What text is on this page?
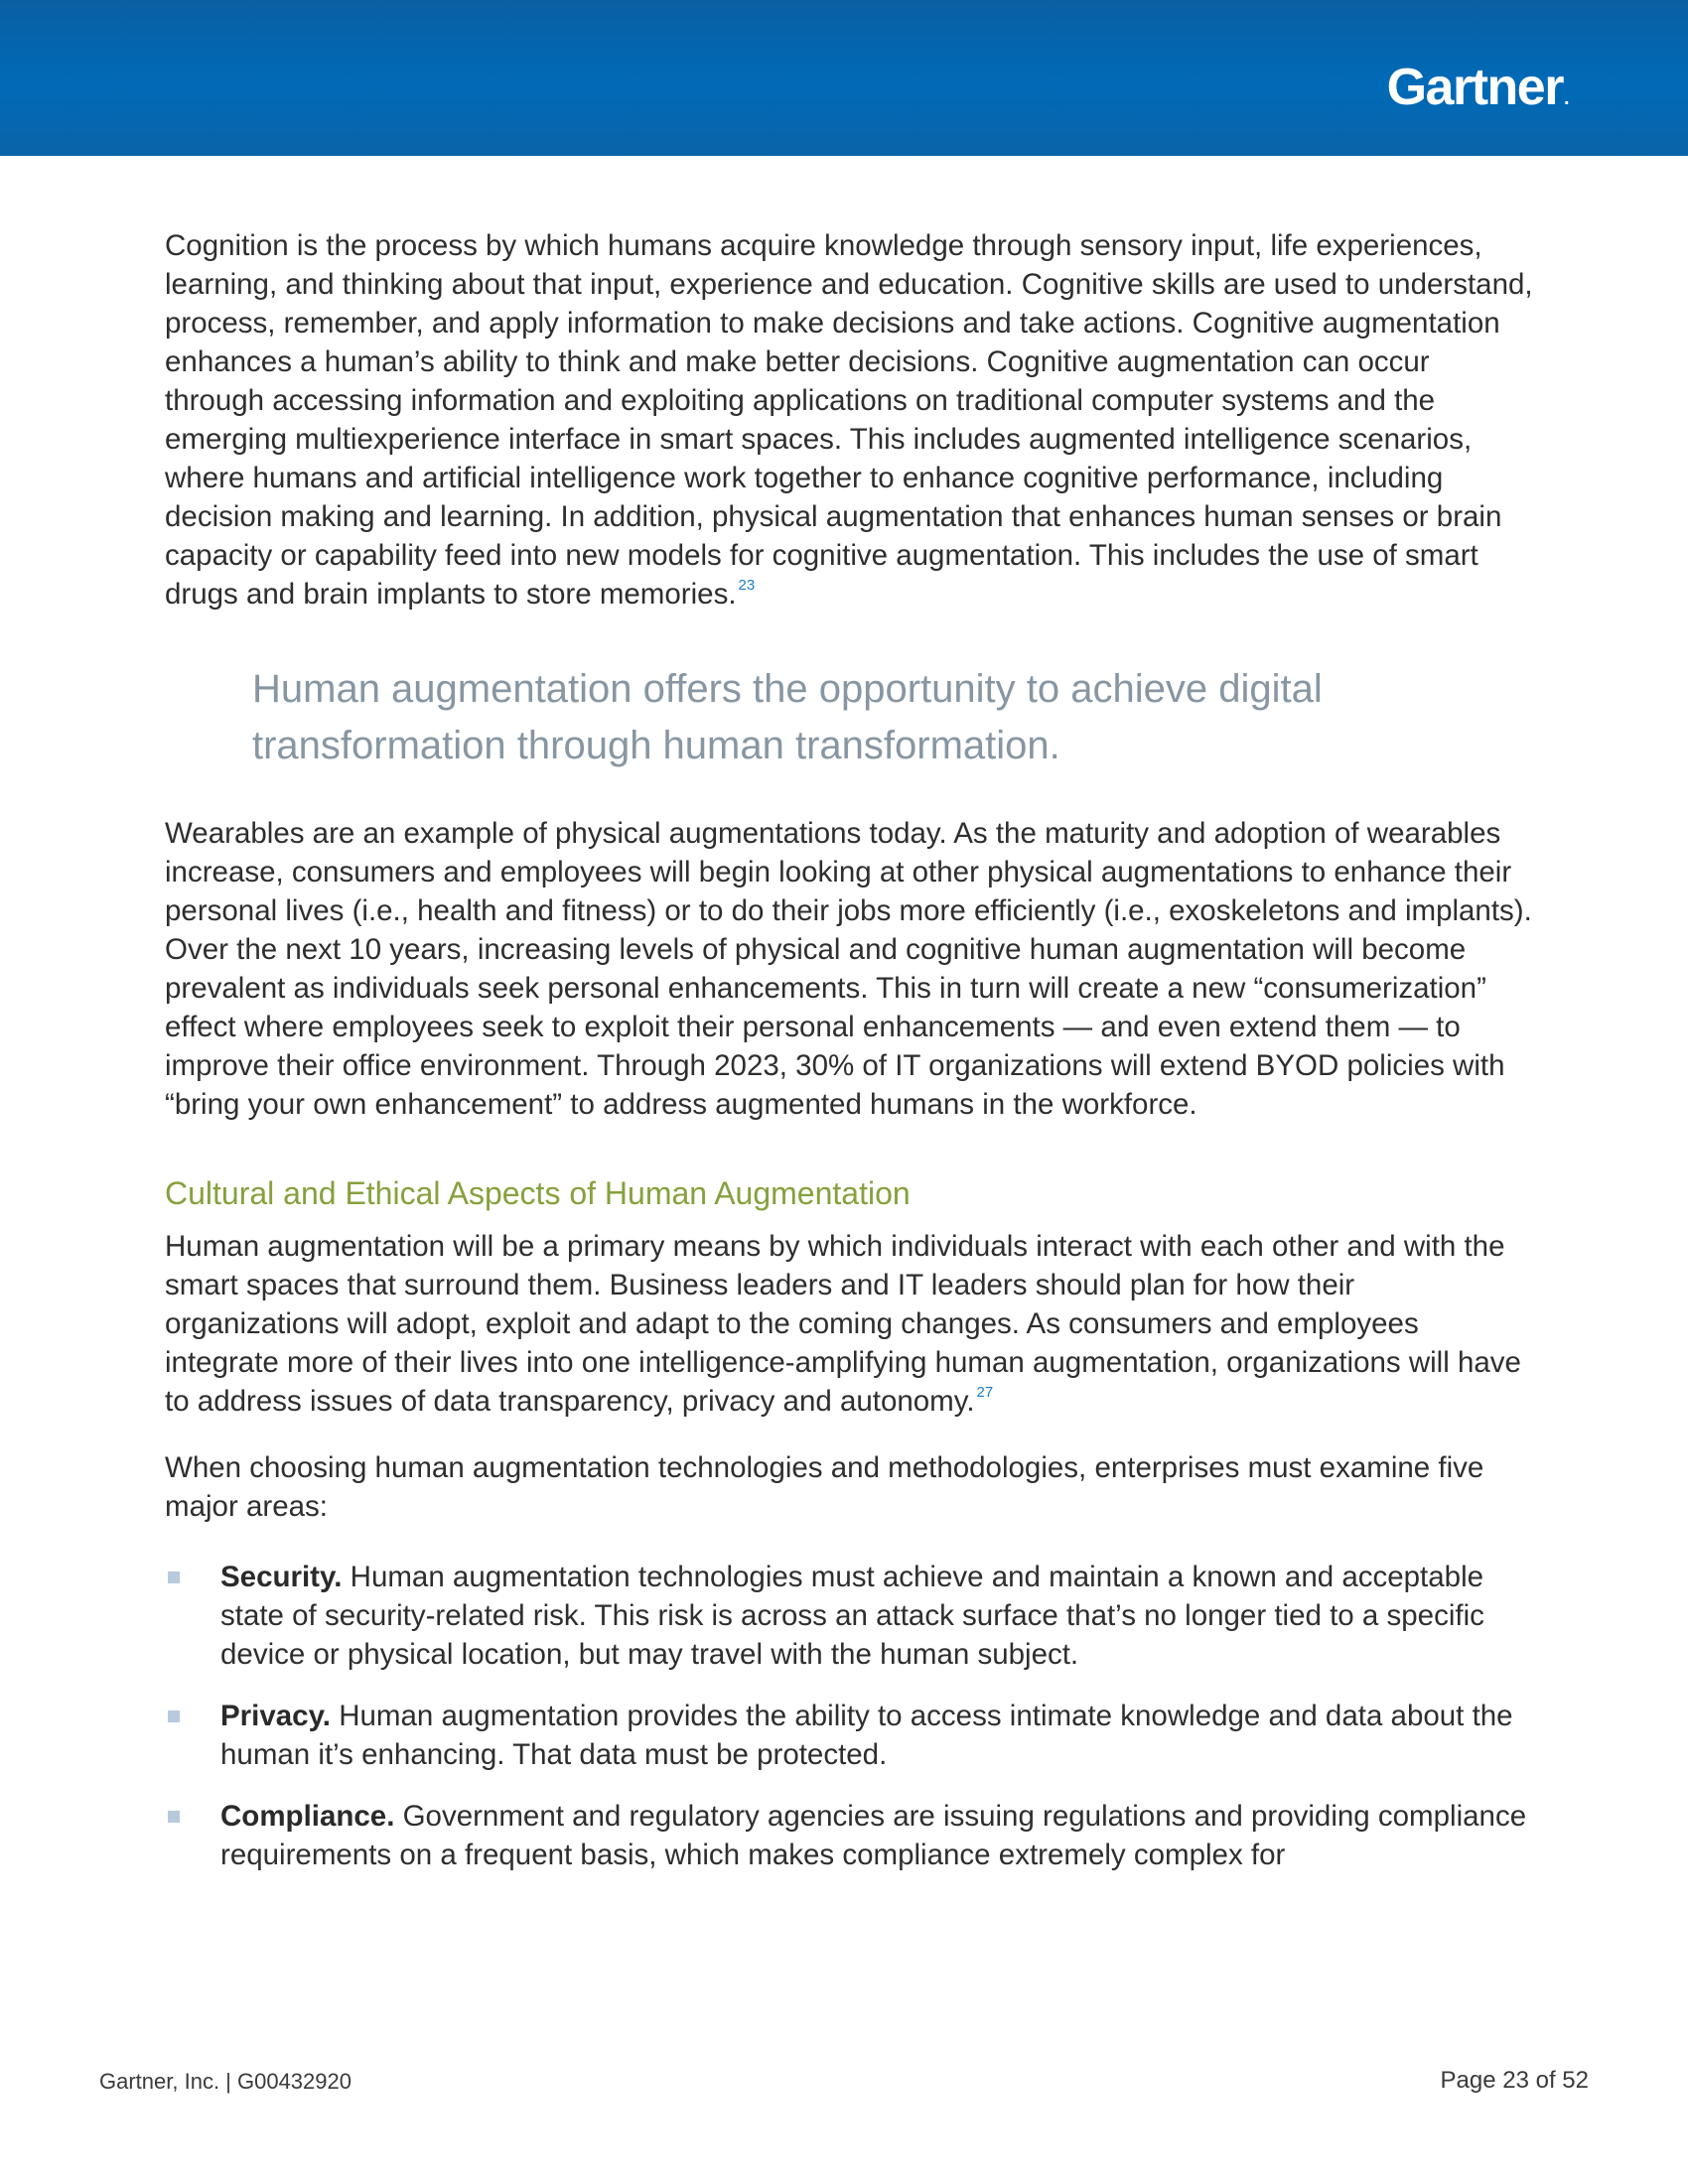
Gartner.

Cognition is the process by which humans acquire knowledge through sensory input, life experiences, learning, and thinking about that input, experience and education. Cognitive skills are used to understand, process, remember, and apply information to make decisions and take actions. Cognitive augmentation enhances a human’s ability to think and make better decisions. Cognitive augmentation can occur through accessing information and exploiting applications on traditional computer systems and the emerging multiexperience interface in smart spaces. This includes augmented intelligence scenarios, where humans and artificial intelligence work together to enhance cognitive performance, including decision making and learning. In addition, physical augmentation that enhances human senses or brain capacity or capability feed into new models for cognitive augmentation. This includes the use of smart drugs and brain implants to store memories. $^{23}$

Human augmentation offers the opportunity to achieve digital transformation through human transformation.

Wearables are an example of physical augmentations today. As the maturity and adoption of wearables increase, consumers and employees will begin looking at other physical augmentations to enhance their personal lives (i.e., health and fitness) or to do their jobs more efficiently (i.e., exoskeletons and implants). Over the next 10 years, increasing levels of physical and cognitive human augmentation will become prevalent as individuals seek personal enhancements. This in turn will create a new “consumerization” effect where employees seek to exploit their personal enhancements — and even extend them — to improve their office environment. Through 2023, 30% of IT organizations will extend BYOD policies with “bring your own enhancement” to address augmented humans in the workforce.

Cultural and Ethical Aspects of Human Augmentation

Human augmentation will be a primary means by which individuals interact with each other and with the smart spaces that surround them. Business leaders and IT leaders should plan for how their organizations will adopt, exploit and adapt to the coming changes. As consumers and employees integrate more of their lives into one intelligence-amplifying human augmentation, organizations will have to address issues of data transparency, privacy and autonomy. $^{27}$

When choosing human augmentation technologies and methodologies, enterprises must examine five major areas:

Security. Human augmentation technologies must achieve and maintain a known and acceptable state of security-related risk. This risk is across an attack surface that’s no longer tied to a specific device or physical location, but may travel with the human subject.
Privacy. Human augmentation provides the ability to access intimate knowledge and data about the human it’s enhancing. That data must be protected.
Compliance. Government and regulatory agencies are issuing regulations and providing compliance requirements on a frequent basis, which makes compliance extremely complex for
Gartner, Inc. | G00432920	Page 23 of 52
